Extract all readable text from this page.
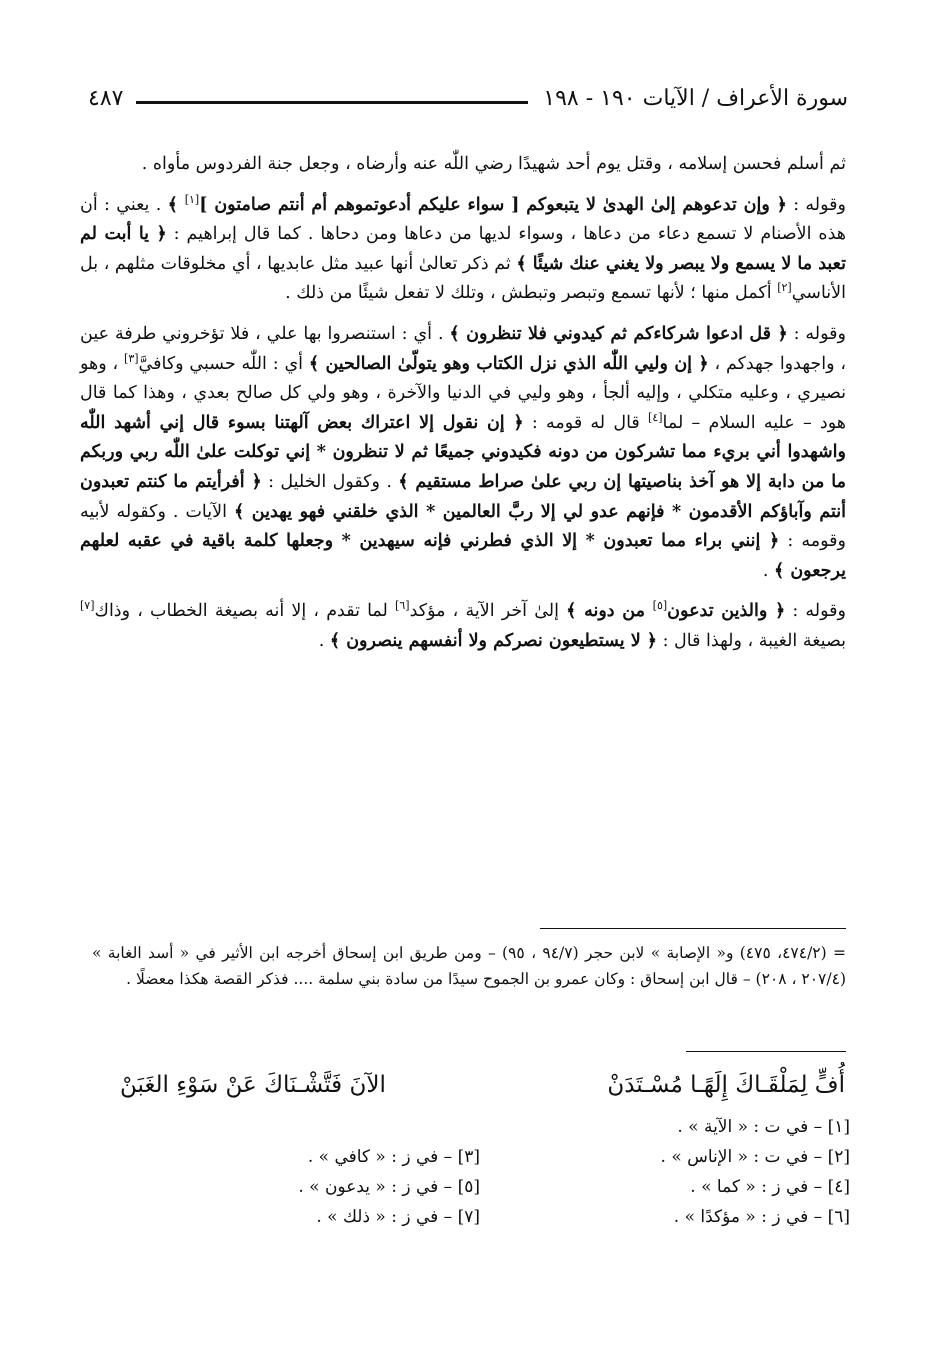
سورة الأعراف / الآيات ١٩٠ - ١٩٨
٤٨٧

ثم أسلم فحسن إسلامه ، وقتل يوم أحد شهيدًا رضي اللّٰه عنه وأرضاه ، وجعل جنة الفردوس مأواه .

وقوله : ﴿ وإن تدعوهم إلىٰ الهدىٰ لا يتبعوكم [ سواء عليكم أدعوتموهم أم أنتم صامتون ][١] ﴾ . يعني : أن هذه الأصنام لا تسمع دعاء من دعاها ، وسواء لديها من دعاها ومن دحاها . كما قال إبراهيم : ﴿ يا أبت لم تعبد ما لا يسمع ولا يبصر ولا يغني عنك شيئًا ﴾ ثم ذكر تعالىٰ أنها عبيد مثل عابديها ، أي مخلوقات مثلهم ، بل الأناسي[٢] أكمل منها ؛ لأنها تسمع وتبصر وتبطش ، وتلك لا تفعل شيئًا من ذلك .

وقوله : ﴿ قل ادعوا شركاءكم ثم كيدوني فلا تنظرون ﴾ . أي : استنصروا بها علي ، فلا تؤخروني طرفة عين ، واجهدوا جهدكم ، ﴿ إن وليي اللّٰه الذي نزل الكتاب وهو يتولّىٰ الصالحين ﴾ أي : اللّٰه حسبي وكافيَّ[٣] ، وهو نصيري ، وعليه متكلي ، وإليه ألجأ ، وهو وليي في الدنيا والآخرة ، وهو ولي كل صالح بعدي ، وهذا كما قال هود – عليه السلام – لما[٤] قال له قومه : ﴿ إن نقول إلا اعتراك بعض آلهتنا بسوء قال إني أشهد اللّٰه واشهدوا أني بريء مما تشركون من دونه فكيدوني جميعًا ثم لا تنظرون * إني توكلت علىٰ اللّٰه ربي وربكم ما من دابة إلا هو آخذ بناصيتها إن ربي علىٰ صراط مستقيم ﴾ . وكقول الخليل : ﴿ أفرأيتم ما كنتم تعبدون أنتم وآباؤكم الأقدمون * فإنهم عدو لي إلا ربَّ العالمين * الذي خلقني فهو يهدين ﴾ الآيات . وكقوله لأبيه وقومه : ﴿ إنني براء مما تعبدون * إلا الذي فطرني فإنه سيهدين * وجعلها كلمة باقية في عقبه لعلهم يرجعون ﴾ .

وقوله : ﴿ والذين تدعون[٥] من دونه ﴾ إلىٰ آخر الآية ، مؤكد[٦] لما تقدم ، إلا أنه بصيغة الخطاب ، وذاك[٧] بصيغة الغيبة ، ولهذا قال : ﴿ لا يستطيعون نصركم ولا أنفسهم ينصرون ﴾ .

= (٤٧٤/٢، ٤٧٥) و« الإصابة » لابن حجر (٩٤/٧ ، ٩٥) – ومن طريق ابن إسحاق أخرجه ابن الأثير في « أسد الغابة » (٢٠٧/٤ ، ٢٠٨) – قال ابن إسحاق : وكان عمرو بن الجموح سيدًا من سادة بني سلمة .... فذكر القصة هكذا معضلًا .

أُفٍّ لِمَلْقَـاكَ إِلَهًـا مُسْـتَدَنْ
الآنَ فَتَّشْـنَاكَ عَنْ سَوْءِ الغَبَنْ
[١] – في ت : « الآية » .
[٢] – في ت : « الإناس » .
[٣] – في ز : « كافي » .
[٤] – في ز : « كما » .
[٥] – في ز : « يدعون » .
[٦] – في ز : « مؤكدًا » .
[٧] – في ز : « ذلك » .
